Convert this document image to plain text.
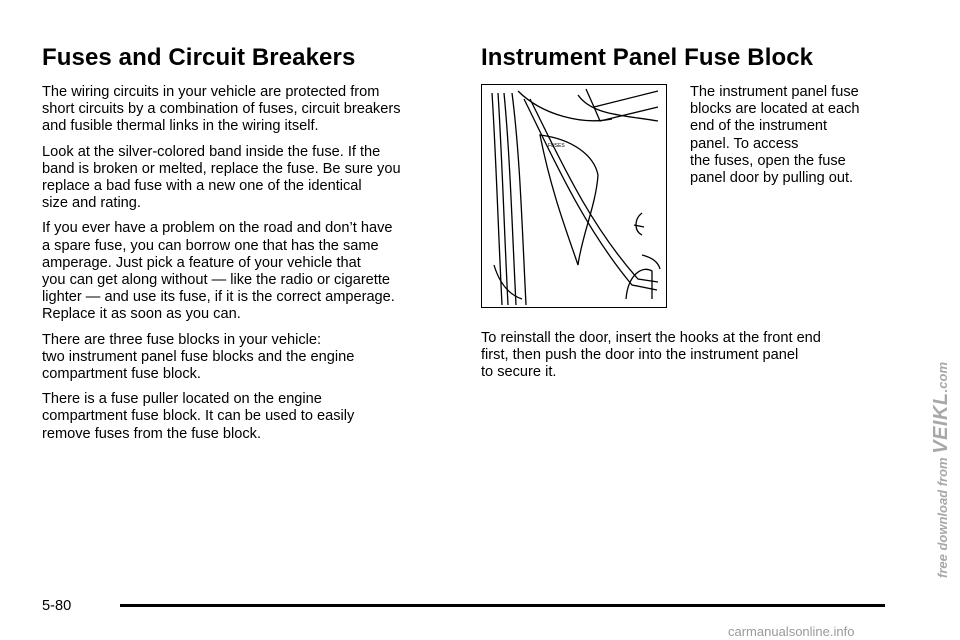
Fuses and Circuit Breakers

The wiring circuits in your vehicle are protected from
short circuits by a combination of fuses, circuit breakers
and fusible thermal links in the wiring itself.

Look at the silver-colored band inside the fuse. If the
band is broken or melted, replace the fuse. Be sure you
replace a bad fuse with a new one of the identical
size and rating.

If you ever have a problem on the road and don’t have
a spare fuse, you can borrow one that has the same
amperage. Just pick a feature of your vehicle that
you can get along without — like the radio or cigarette
lighter — and use its fuse, if it is the correct amperage.
Replace it as soon as you can.

There are three fuse blocks in your vehicle:
two instrument panel fuse blocks and the engine
compartment fuse block.

There is a fuse puller located on the engine
compartment fuse block. It can be used to easily
remove fuses from the fuse block.

Instrument Panel Fuse Block
FUSES

The instrument panel fuse
blocks are located at each
end of the instrument
panel. To access
the fuses, open the fuse
panel door by pulling out.

To reinstall the door, insert the hooks at the front end
first, then push the door into the instrument panel
to secure it.

5-80
carmanualsonline.info
free download from VEIKL.com
